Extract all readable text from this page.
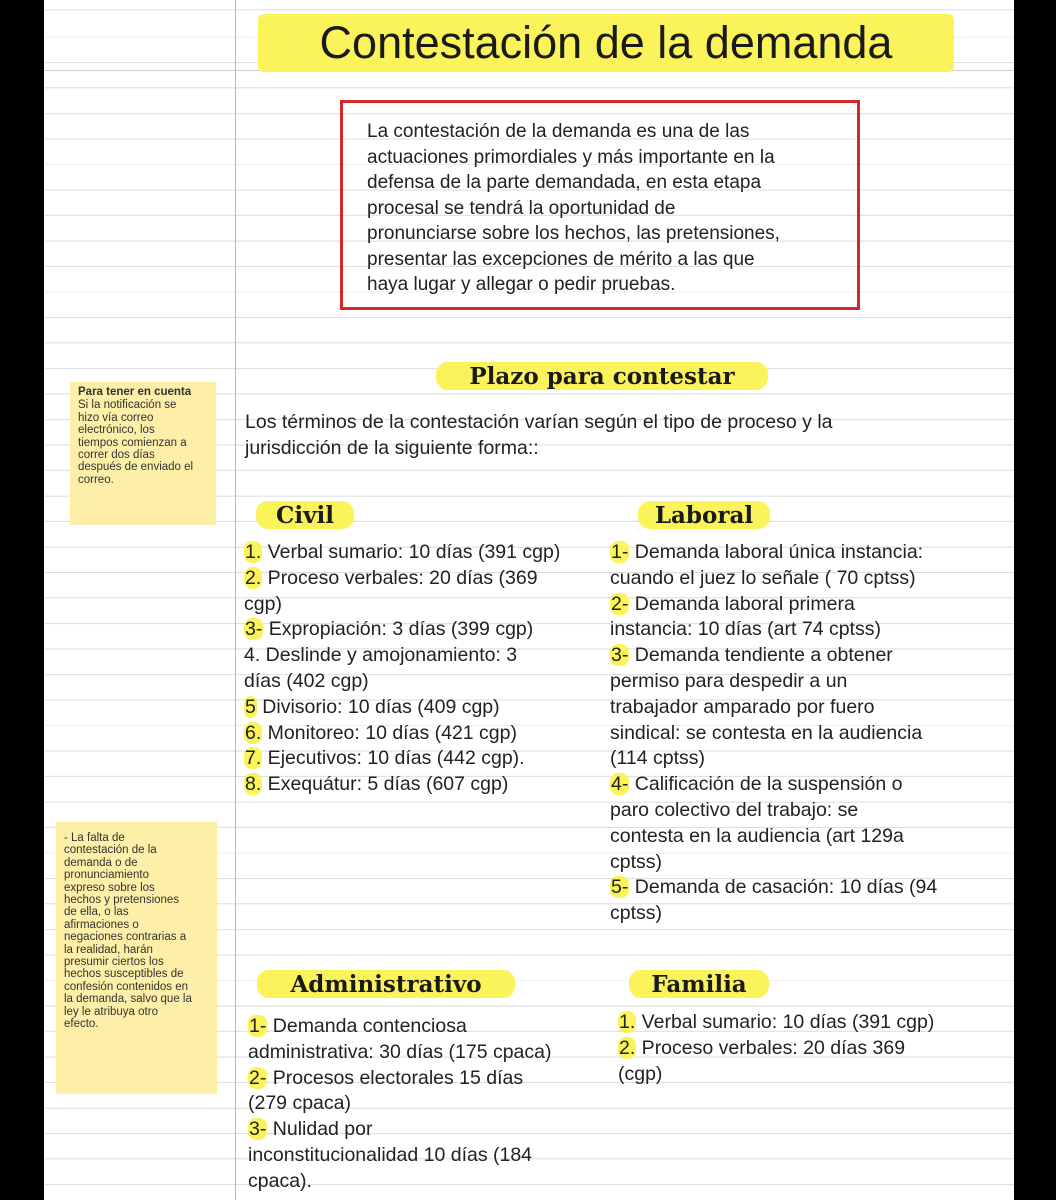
Contestación de la demanda
La contestación de la demanda es una de las
actuaciones primordiales y más importante en la
defensa de la parte demandada, en esta etapa
procesal se tendrá la oportunidad de
pronunciarse sobre los hechos, las pretensiones,
presentar las excepciones de mérito a las que
haya lugar y allegar o pedir pruebas.
Plazo para contestar
Los términos de la contestación varían según el tipo de proceso y la
jurisdicción de la siguiente forma::
Civil
1. Verbal sumario: 10 días (391 cgp)
2. Proceso verbales: 20 días (369
cgp)
3- Expropiación: 3 días (399 cgp)
4. Deslinde y amojonamiento: 3
días (402 cgp)
5 Divisorio: 10 días (409 cgp)
6. Monitoreo: 10 días (421 cgp)
7. Ejecutivos: 10 días (442 cgp).
8. Exequátur: 5 días (607 cgp)
Laboral
1- Demanda laboral única instancia:
cuando el juez lo señale ( 70 cptss)
2- Demanda laboral primera
instancia: 10 días (art 74 cptss)
3- Demanda tendiente a obtener
permiso para despedir a un
trabajador amparado por fuero
sindical: se contesta en la audiencia
(114 cptss)
4- Calificación de la suspensión o
paro colectivo del trabajo: se
contesta en la audiencia (art 129a
cptss)
5- Demanda de casación: 10 días (94
cptss)
Administrativo
1- Demanda contenciosa
administrativa: 30 días (175 cpaca)
2- Procesos electorales 15 días
(279 cpaca)
3- Nulidad por
inconstitucionalidad 10 días (184
cpaca).
Familia
1. Verbal sumario: 10 días (391 cgp)
2. Proceso verbales: 20 días 369
(cgp)
Para tener en cuenta
Si la notificación se
hizo vía correo
electrónico, los
tiempos comienzan a
correr dos días
después de enviado el
correo.
- La falta de
contestación de la
demanda o de
pronunciamiento
expreso sobre los
hechos y pretensiones
de ella, o las
afirmaciones o
negaciones contrarias a
la realidad, harán
presumir ciertos los
hechos susceptibles de
confesión contenidos en
la demanda, salvo que la
ley le atribuya otro
efecto.
